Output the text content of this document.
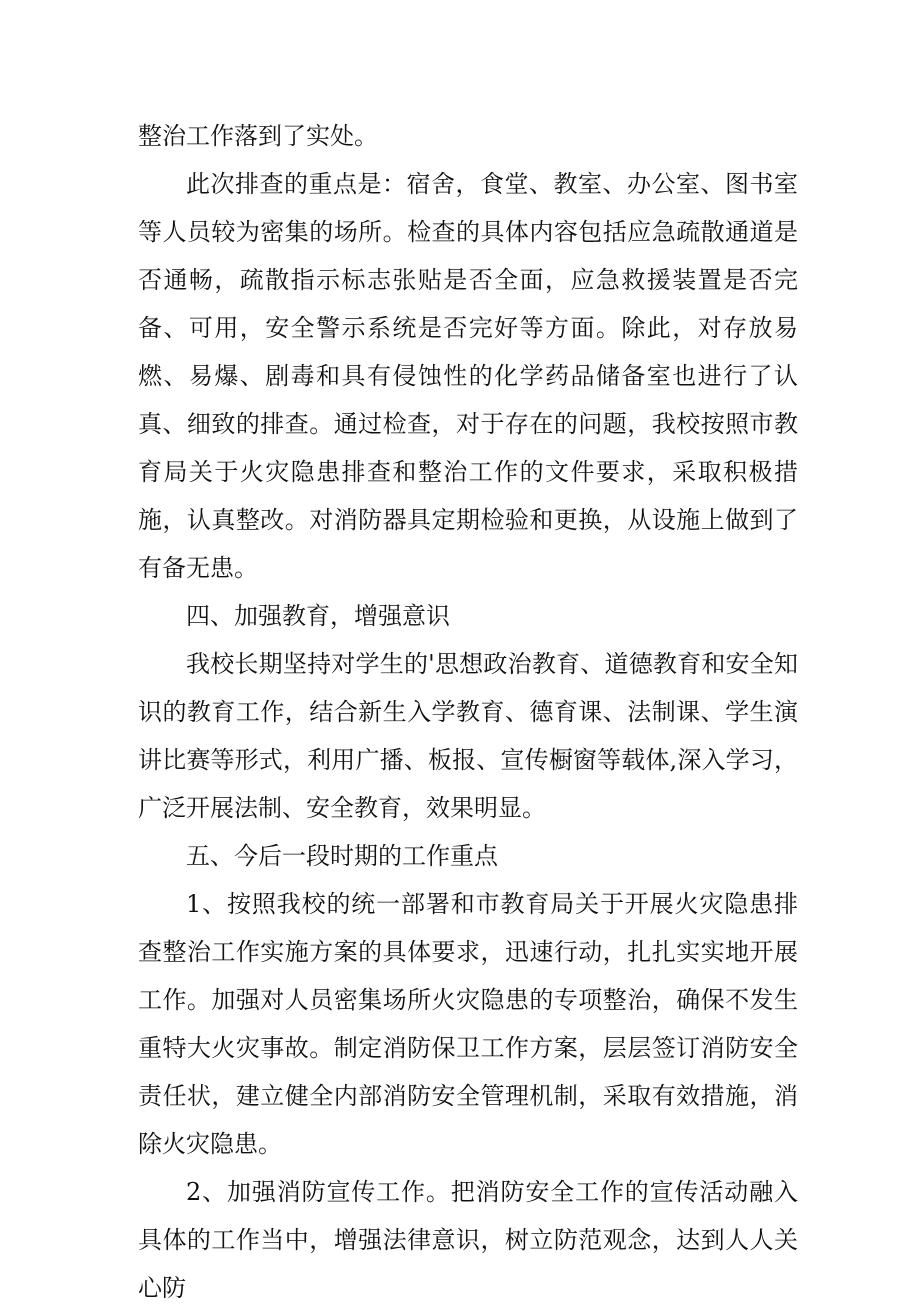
整治工作落到了实处。

此次排查的重点是：宿舍，食堂、教室、办公室、图书室等人员较为密集的场所。检查的具体内容包括应急疏散通道是否通畅，疏散指示标志张贴是否全面，应急救援装置是否完备、可用，安全警示系统是否完好等方面。除此，对存放易燃、易爆、剧毒和具有侵蚀性的化学药品储备室也进行了认真、细致的排查。通过检查，对于存在的问题，我校按照市教育局关于火灾隐患排查和整治工作的文件要求，采取积极措施，认真整改。对消防器具定期检验和更换，从设施上做到了有备无患。

四、加强教育，增强意识

我校长期坚持对学生的'思想政治教育、道德教育和安全知识的教育工作，结合新生入学教育、德育课、法制课、学生演讲比赛等形式，利用广播、板报、宣传橱窗等载体,深入学习，广泛开展法制、安全教育，效果明显。

五、今后一段时期的工作重点

1、按照我校的统一部署和市教育局关于开展火灾隐患排查整治工作实施方案的具体要求，迅速行动，扎扎实实地开展工作。加强对人员密集场所火灾隐患的专项整治，确保不发生重特大火灾事故。制定消防保卫工作方案，层层签订消防安全责任状，建立健全内部消防安全管理机制，采取有效措施，消除火灾隐患。

2、加强消防宣传工作。把消防安全工作的宣传活动融入具体的工作当中，增强法律意识，树立防范观念，达到人人关心防
